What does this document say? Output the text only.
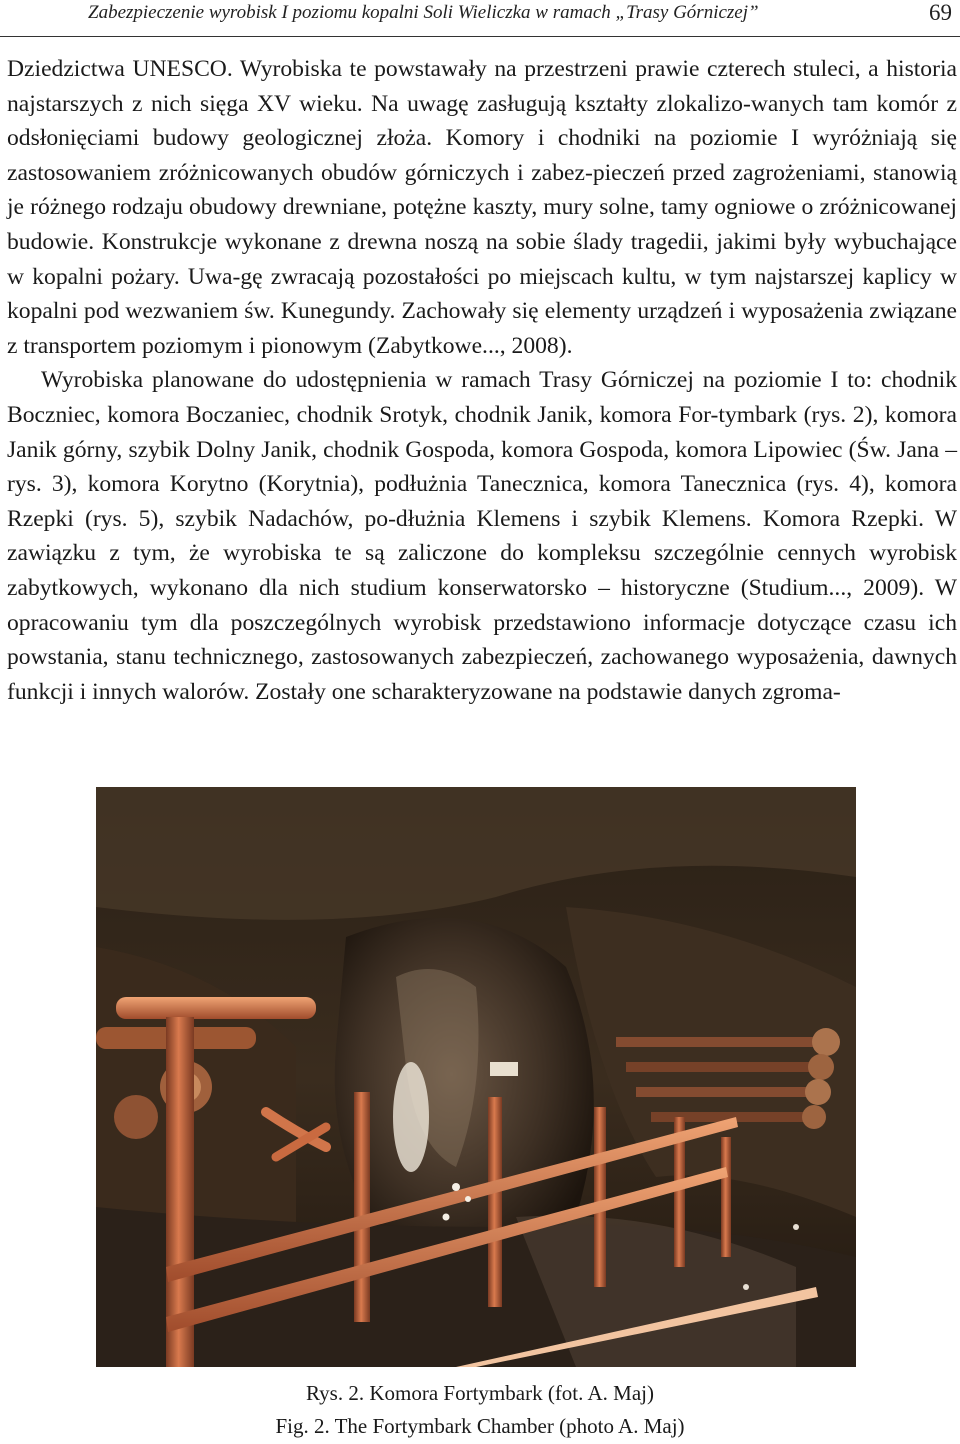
Zabezpieczenie wyrobisk I poziomu kopalni Soli Wieliczka w ramach „Trasy Górniczej”	69

Dziedzictwa UNESCO. Wyrobiska te powstawały na przestrzeni prawie czterech stuleci, a historia najstarszych z nich sięga XV wieku. Na uwagę zasługują kształty zlokalizo-wanych tam komór z odsłonięciami budowy geologicznej złoża. Komory i chodniki na poziomie I wyróżniają się zastosowaniem zróżnicowanych obudów górniczych i zabez-pieczeń przed zagrożeniami, stanowią je różnego rodzaju obudowy drewniane, potężne kaszty, mury solne, tamy ogniowe o zróżnicowanej budowie. Konstrukcje wykonane z drewna noszą na sobie ślady tragedii, jakimi były wybuchające w kopalni pożary. Uwa-gę zwracają pozostałości po miejscach kultu, w tym najstarszej kaplicy w kopalni pod wezwaniem św. Kunegundy. Zachowały się elementy urządzeń i wyposażenia związane z transportem poziomym i pionowym (Zabytkowe..., 2008).

Wyrobiska planowane do udostępnienia w ramach Trasy Górniczej na poziomie I to: chodnik Boczniec, komora Boczaniec, chodnik Srotyk, chodnik Janik, komora For-tymbark (rys. 2), komora Janik górny, szybik Dolny Janik, chodnik Gospoda, komora Gospoda, komora Lipowiec (Św. Jana – rys. 3), komora Korytno (Korytnia), podłużnia Taneczniсa, komora Tanecznica (rys. 4), komora Rzepki (rys. 5), szybik Nadachów, po-dłużnia Klemens i szybik Klemens. Komora Rzepki. W zawiązku z tym, że wyrobiska te są zaliczone do kompleksu szczególnie cennych wyrobisk zabytkowych, wykonano dla nich studium konserwatorsko – historyczne (Studium..., 2009). W opracowaniu tym dla poszczególnych wyrobisk przedstawiono informacje dotyczące czasu ich powstania, stanu technicznego, zastosowanych zabezpieczeń, zachowanego wyposażenia, dawnych funkcji i innych walorów. Zostały one scharakteryzowane na podstawie danych zgroma-

Rys. 2. Komora Fortymbark (fot. A. Maj)
Fig. 2. The Fortymbark Chamber (photo A. Maj)
